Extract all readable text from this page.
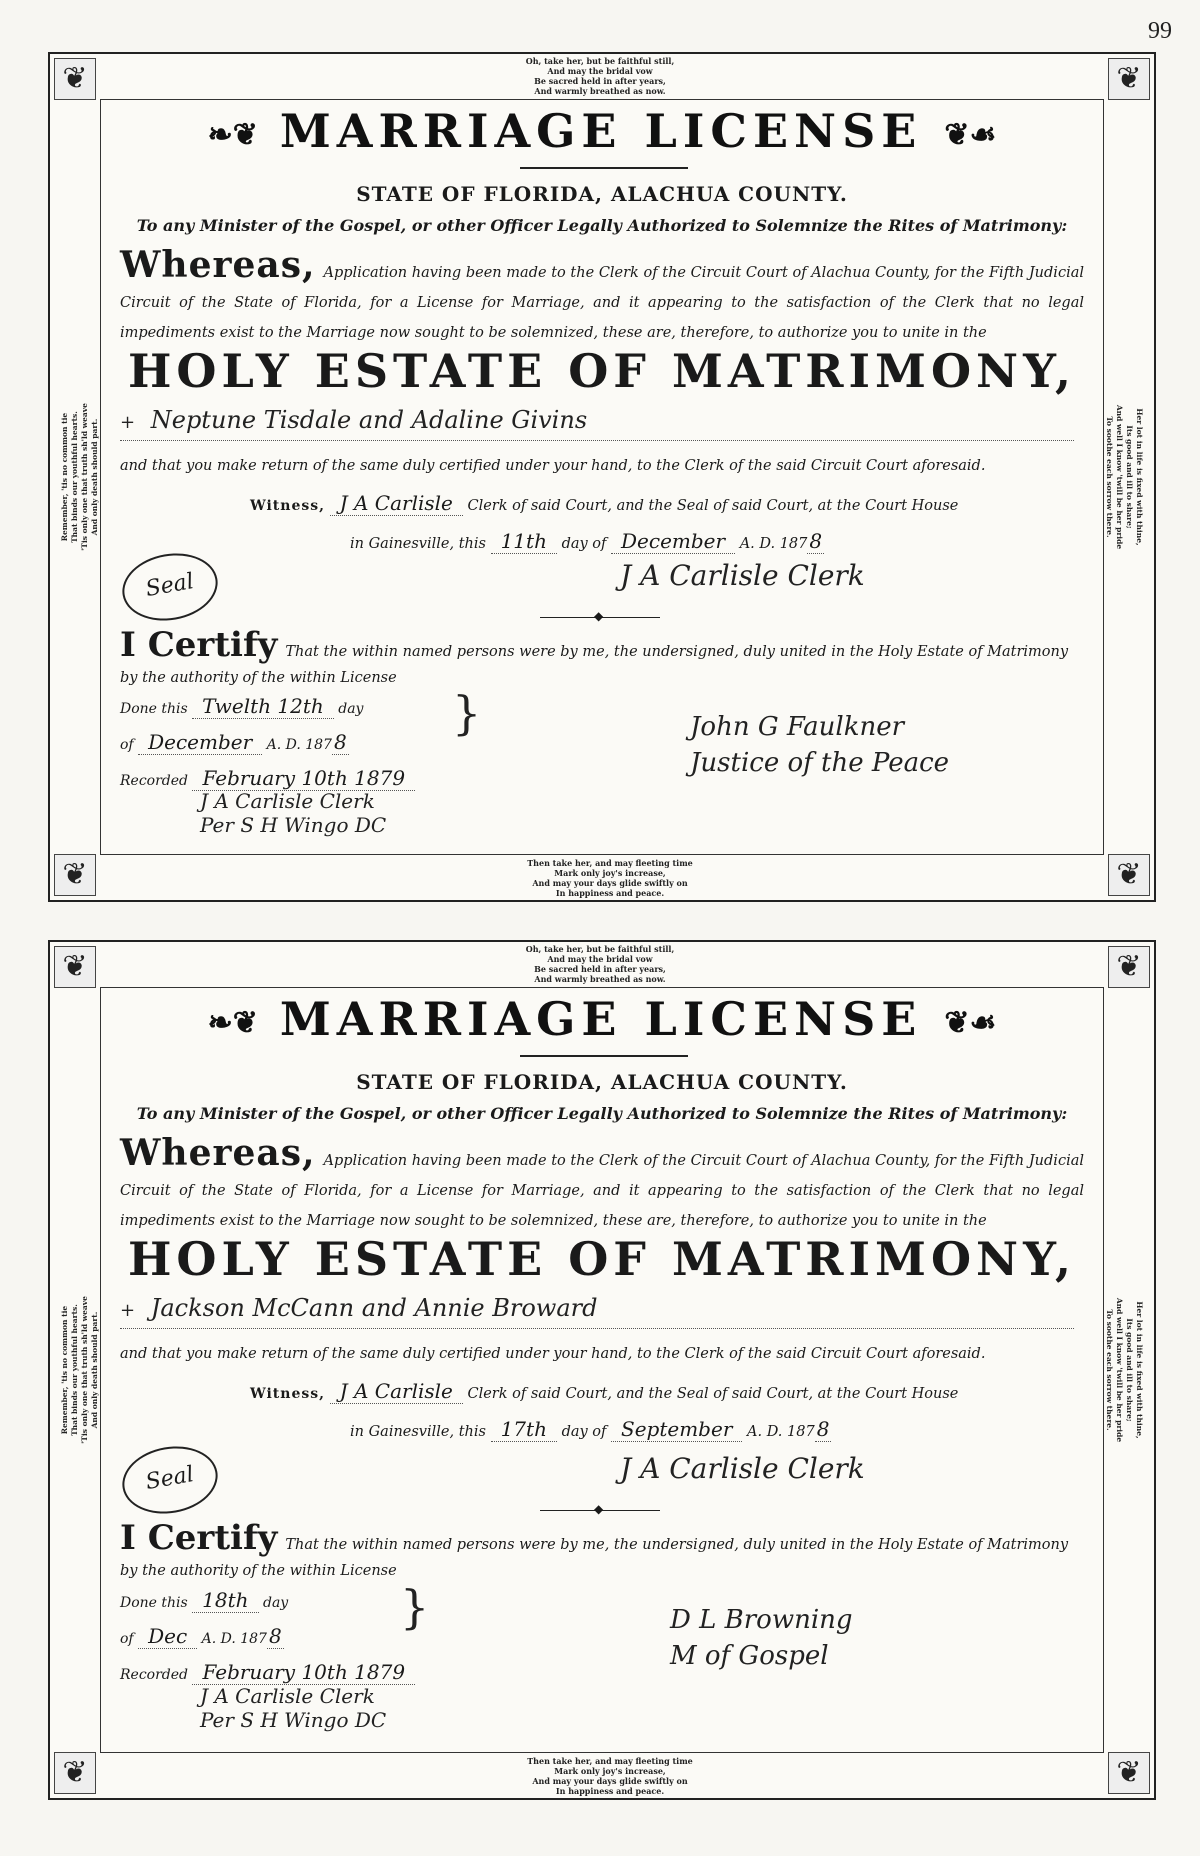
99
❦	❦
❦	❦
Oh, take her, but be faithful still,
And may the bridal vow
Be sacred held in after years,
And warmly breathed as now.
Then take her, and may fleeting time
Mark only joy's increase,
And may your days glide swiftly on
In happiness and peace.
Remember, 'tis no common tie
That binds our youthful hearts.
'Tis only one that truth sh'ld weave
And only death should part.
Her lot in life is fixed with thine,
Its good and ill to share;
And well I know 'twill be her pride
To soothe each sorrow there.
❧❦ MARRIAGE LICENSE ❦☙
STATE OF FLORIDA, ALACHUA COUNTY.
To any Minister of the Gospel, or other Officer Legally Authorized to Solemnize the Rites of Matrimony:
Whereas, Application having been made to the Clerk of the Circuit Court of Alachua County, for the Fifth Judicial Circuit of the State of Florida, for a License for Marriage, and it appearing to the satisfaction of the Clerk that no legal impediments exist to the Marriage now sought to be solemnized, these are, therefore, to authorize you to unite in the
HOLY ESTATE OF MATRIMONY,
+ Neptune Tisdale and Adaline Givins
and that you make return of the same duly certified under your hand, to the Clerk of the said Circuit Court aforesaid.
Witness, J A Carlisle Clerk of said Court, and the Seal of said Court, at the Court House
in Gainesville, this 11th day of December A. D. 187 8
Seal	J A Carlisle Clerk
◆
I Certify That the within named persons were by me, the undersigned, duly united in the Holy Estate of Matrimony by the authority of the within License
Done this Twelth 12th day
of December A. D. 187 8
}
Recorded February 10th 1879
J A Carlisle Clerk
Per S H Wingo DC
John G Faulkner
Justice of the Peace
❦	❦
❦	❦
Oh, take her, but be faithful still,
And may the bridal vow
Be sacred held in after years,
And warmly breathed as now.
Then take her, and may fleeting time
Mark only joy's increase,
And may your days glide swiftly on
In happiness and peace.
Remember, 'tis no common tie
That binds our youthful hearts.
'Tis only one that truth sh'ld weave
And only death should part.
Her lot in life is fixed with thine,
Its good and ill to share;
And well I know 'twill be her pride
To soothe each sorrow there.
❧❦ MARRIAGE LICENSE ❦☙
STATE OF FLORIDA, ALACHUA COUNTY.
To any Minister of the Gospel, or other Officer Legally Authorized to Solemnize the Rites of Matrimony:
Whereas, Application having been made to the Clerk of the Circuit Court of Alachua County, for the Fifth Judicial Circuit of the State of Florida, for a License for Marriage, and it appearing to the satisfaction of the Clerk that no legal impediments exist to the Marriage now sought to be solemnized, these are, therefore, to authorize you to unite in the
HOLY ESTATE OF MATRIMONY,
+ Jackson McCann and Annie Broward
and that you make return of the same duly certified under your hand, to the Clerk of the said Circuit Court aforesaid.
Witness, J A Carlisle Clerk of said Court, and the Seal of said Court, at the Court House
in Gainesville, this 17th day of September A. D. 187 8
Seal	J A Carlisle Clerk
◆
I Certify That the within named persons were by me, the undersigned, duly united in the Holy Estate of Matrimony by the authority of the within License
Done this 18th day
of Dec A. D. 187 8
}
Recorded February 10th 1879
J A Carlisle Clerk
Per S H Wingo DC
D L Browning
M of Gospel
